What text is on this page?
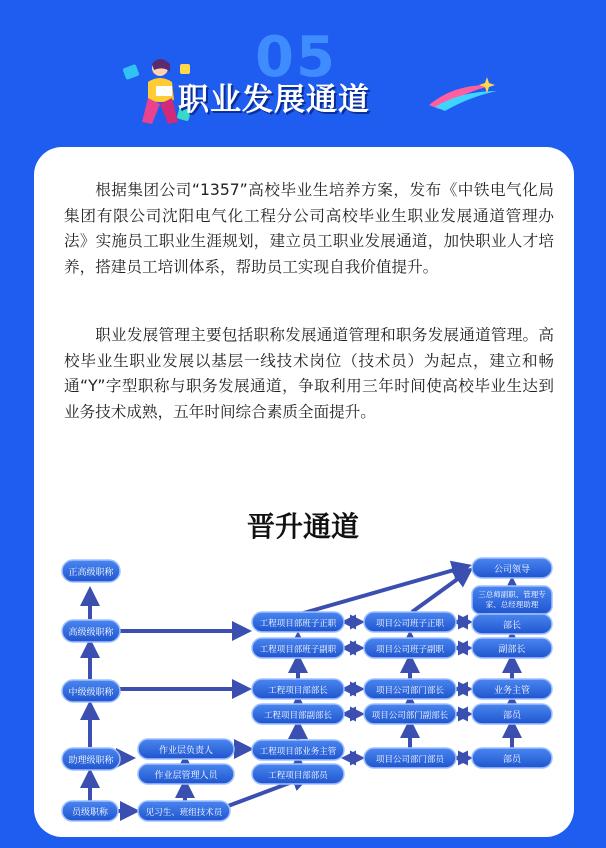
05
职业发展通道

根据集团公司“1357”高校毕业生培养方案，发布《中铁电气化局集团有限公司沈阳电气化工程分公司高校毕业生职业发展通道管理办法》实施员工职业生涯规划，建立员工职业发展通道，加快职业人才培养，搭建员工培训体系，帮助员工实现自我价值提升。

职业发展管理主要包括职称发展通道管理和职务发展通道管理。高校毕业生职业发展以基层一线技术岗位（技术员）为起点，建立和畅通“Y”字型职称与职务发展通道，争取利用三年时间使高校毕业生达到业务技术成熟，五年时间综合素质全面提升。

晋升通道
正高级职称
高级级职称
中级级职称
助理级职称
员级职称	见习生、班组技术员
作业层负责人
作业层管理人员
工程项目部班子正职
工程项目部班子副职
工程项目部部长
工程项目部副部长
工程项目部业务主管
工程项目部部员
项目公司班子正职
项目公司班子副职
项目公司部门部长
项目公司部门副部长
项目公司部门部员
公司领导
三总师副职、管理专家、总经理助理
部长
副部长
业务主管
部员
部员
